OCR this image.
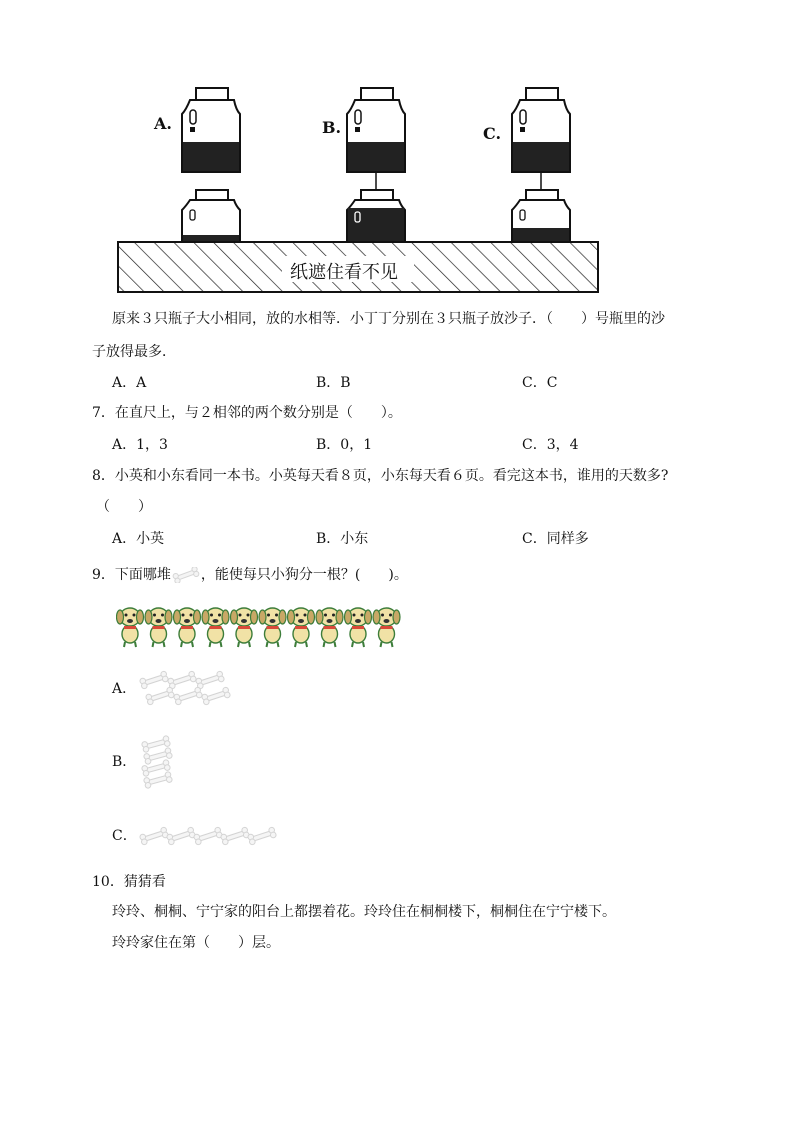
A.	B.	C.
纸遮住看不见
原来３只瓶子大小相同，放的水相等．小丁丁分别在３只瓶子放沙子．（　　）号瓶里的沙
子放得最多．
A．A	B．B	C．C
7．在直尺上，与２相邻的两个数分别是（　　）。
A．1，3	B．0，1	C．3，4
8．小英和小东看同一本书。小英每天看８页，小东每天看６页。看完这本书，谁用的天数多?
（　　）
A．小英	B．小东	C．同样多
9．下面哪堆 ，能使每只小狗分一根？(　　)。
A．
B．
C．
10．猜猜看
玲玲、桐桐、宁宁家的阳台上都摆着花。玲玲住在桐桐楼下，桐桐住在宁宁楼下。
玲玲家住在第（　　）层。
